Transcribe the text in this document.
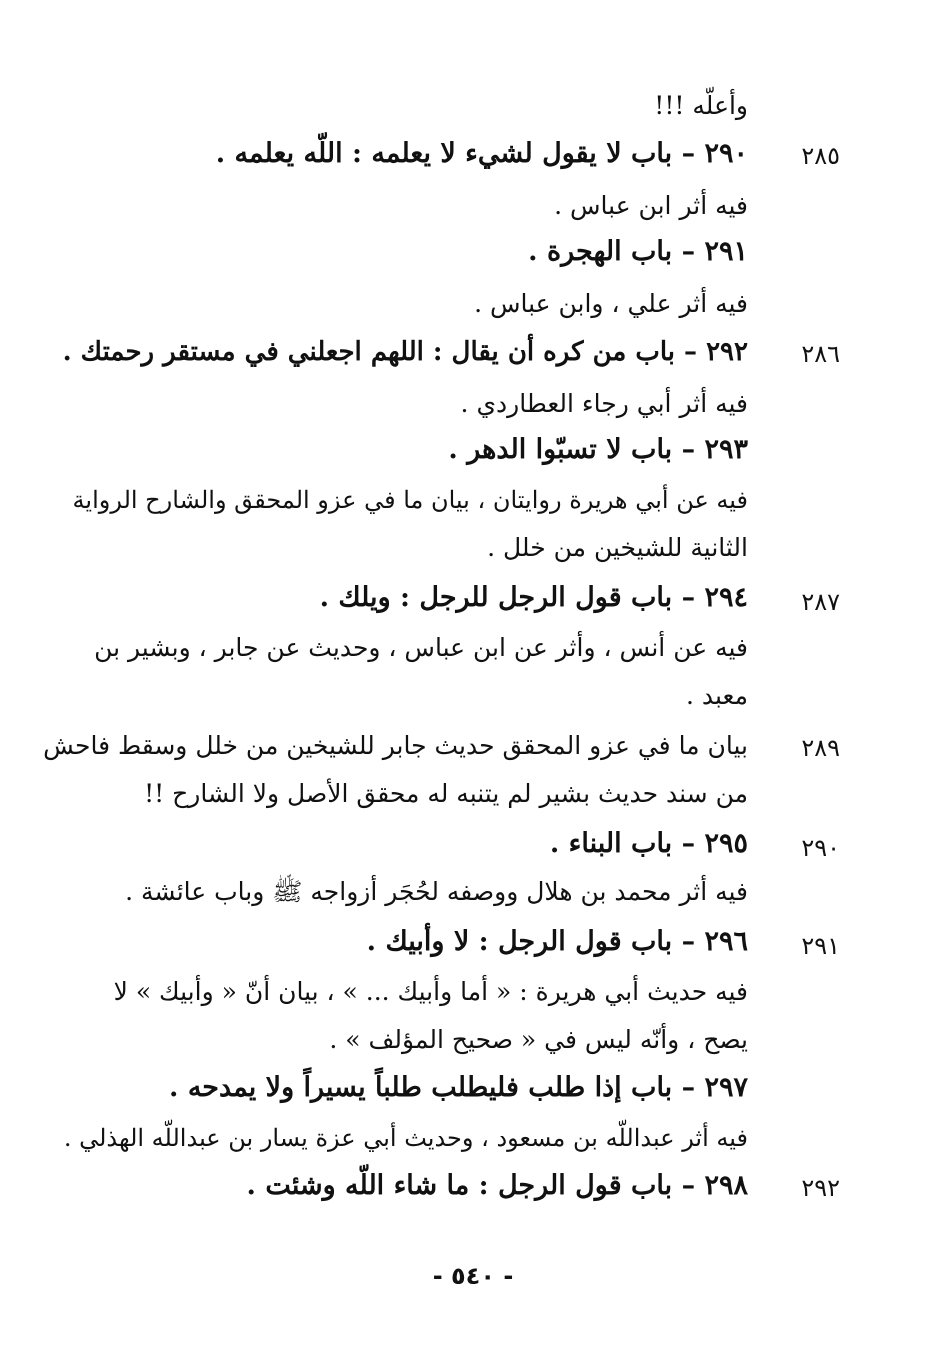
وأعلّه !!!
٢٨٥
٢٩٠ – باب لا يقول لشيء لا يعلمه : اللّه يعلمه .
فيه أثر ابن عباس .
٢٩١ – باب الهجرة .
فيه أثر علي ، وابن عباس .
٢٨٦
٢٩٢ – باب من كره أن يقال : اللهم اجعلني في مستقر رحمتك .
فيه أثر أبي رجاء العطاردي .
٢٩٣ – باب لا تسبّوا الدهر .
فيه عن أبي هريرة روايتان ، بيان ما في عزو المحقق والشارح الرواية
الثانية للشيخين من خلل .
٢٨٧
٢٩٤ – باب قول الرجل للرجل : ويلك .
فيه عن أنس ، وأثر عن ابن عباس ، وحديث عن جابر ، وبشير بن
معبد .
٢٨٩
بيان ما في عزو المحقق حديث جابر للشيخين من خلل وسقط فاحش
من سند حديث بشير لم يتنبه له محقق الأصل ولا الشارح !!
٢٩٠
٢٩٥ – باب البناء .
فيه أثر محمد بن هلال ووصفه لحُجَر أزواجه ﷺ وباب عائشة .
٢٩١
٢٩٦ – باب قول الرجل : لا وأبيك .
فيه حديث أبي هريرة : « أما وأبيك ... » ، بيان أنّ « وأبيك » لا
يصح ، وأنّه ليس في « صحيح المؤلف » .
٢٩٧ – باب إذا طلب فليطلب طلباً يسيراً ولا يمدحه .
فيه أثر عبداللّه بن مسعود ، وحديث أبي عزة يسار بن عبداللّه الهذلي .
٢٩٢
٢٩٨ – باب قول الرجل : ما شاء اللّه وشئت .
- ٥٤٠ -
